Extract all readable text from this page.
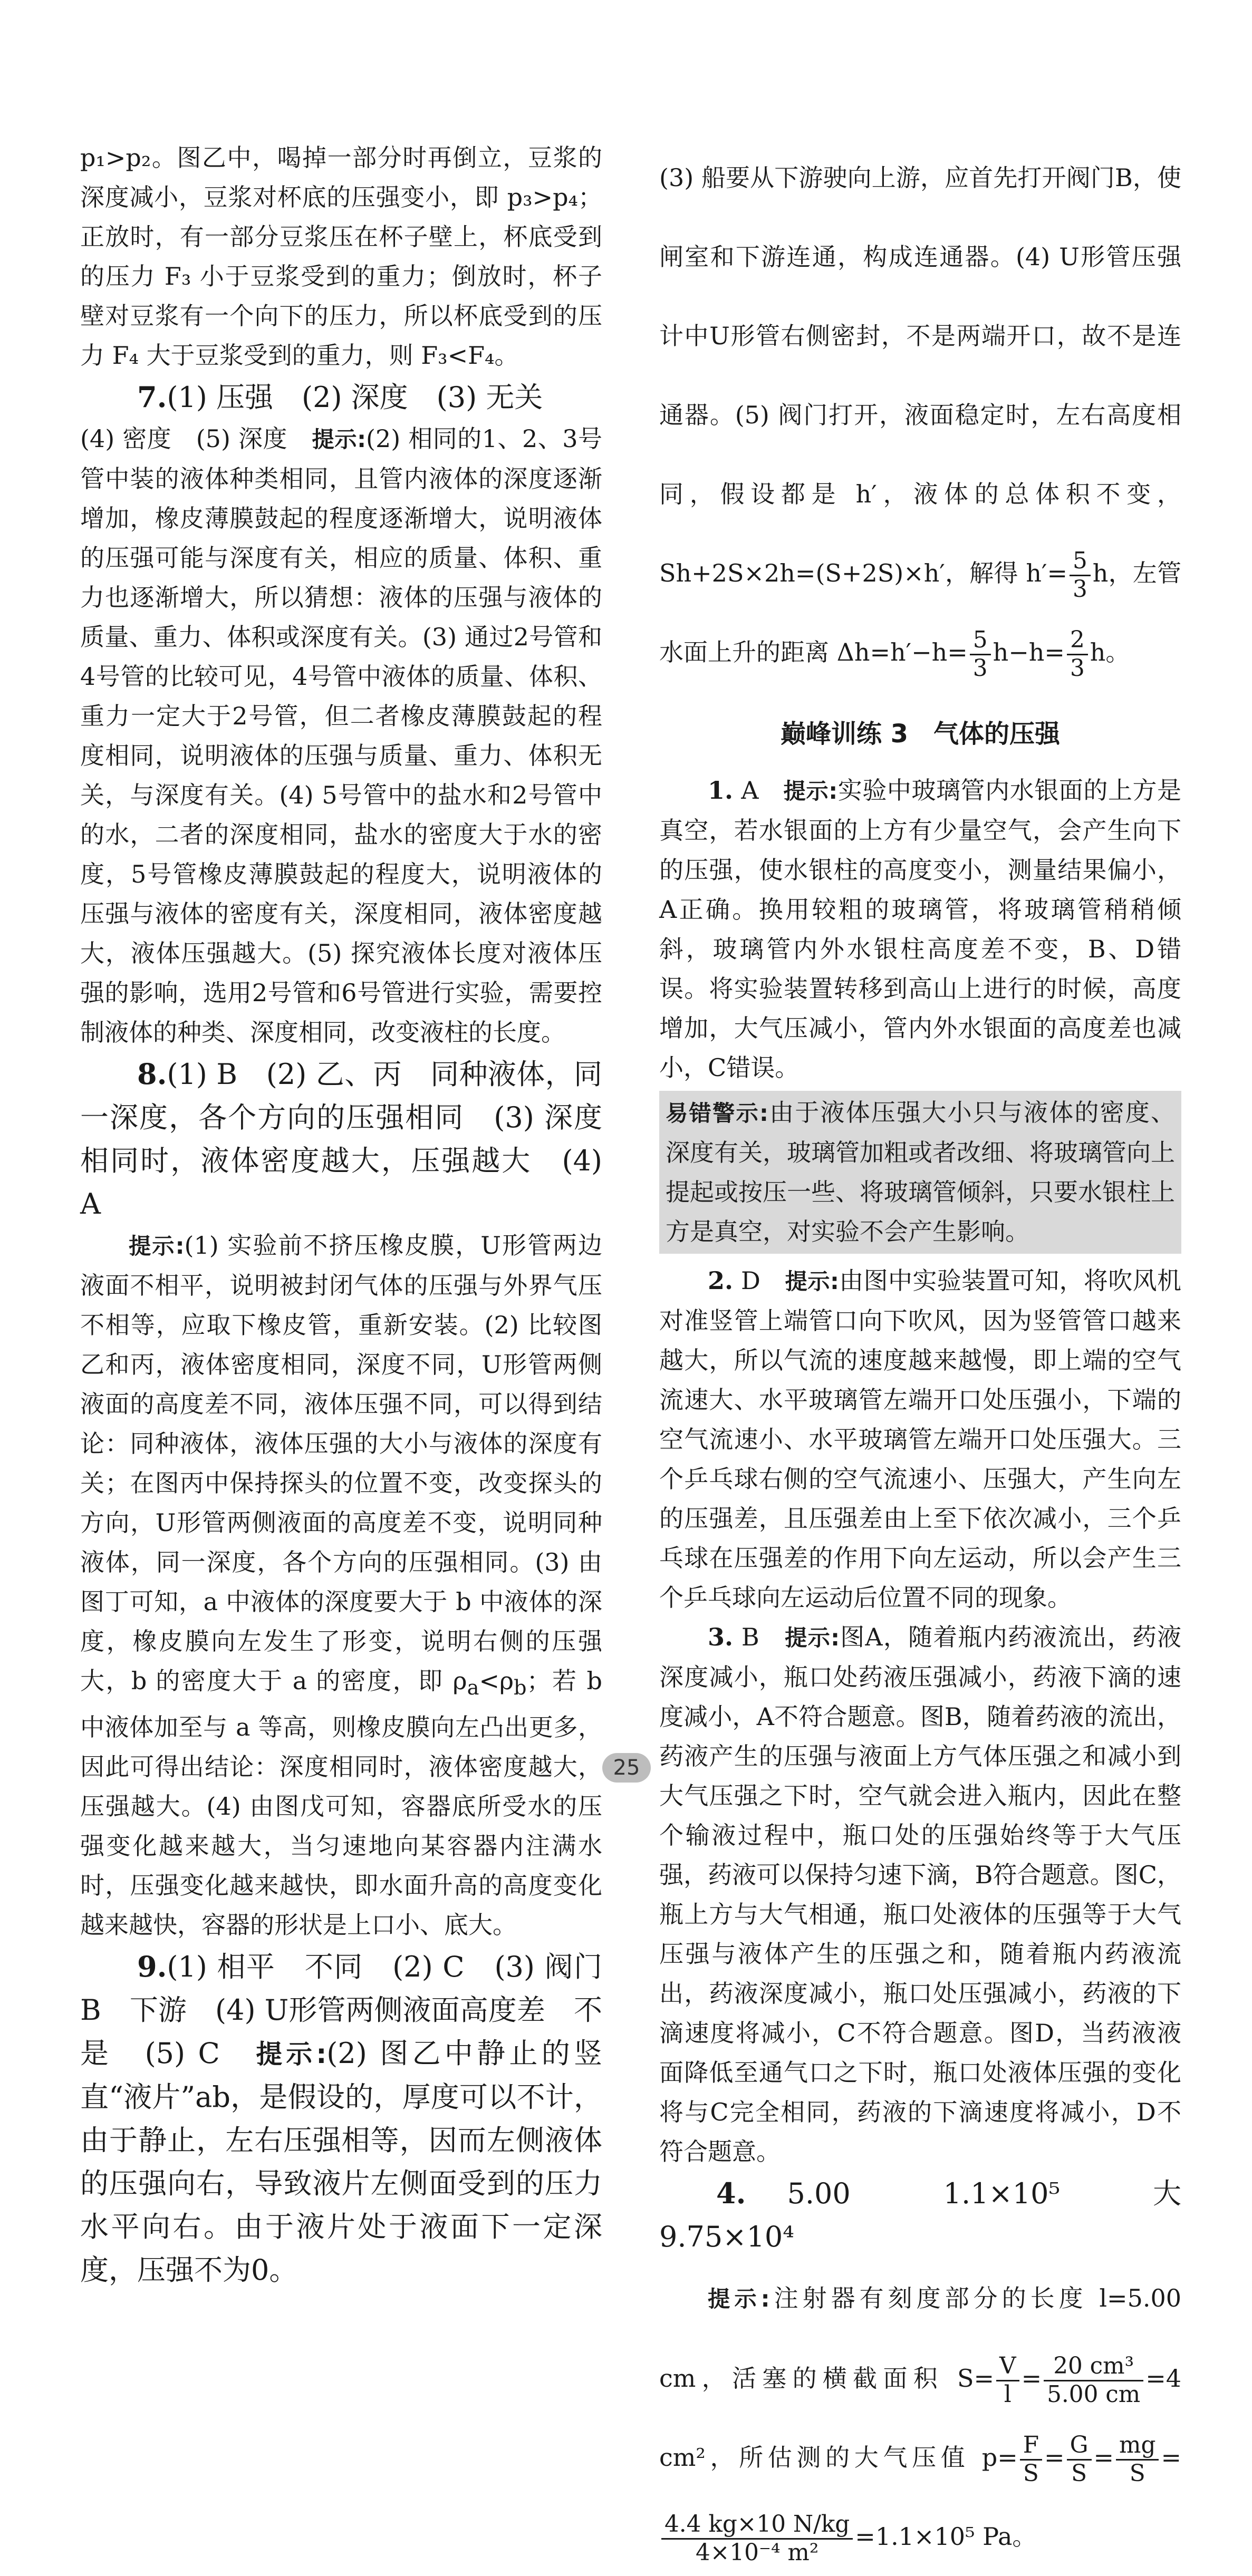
p₁>p₂。图乙中，喝掉一部分时再倒立，豆浆的深度减小，豆浆对杯底的压强变小，即 p₃>p₄；正放时，有一部分豆浆压在杯子壁上，杯底受到的压力 F₃ 小于豆浆受到的重力；倒放时，杯子壁对豆浆有一个向下的压力，所以杯底受到的压力 F₄ 大于豆浆受到的重力，则 F₃<F₄。

7.(1) 压强　(2) 深度　(3) 无关

(4) 密度　(5) 深度　提示:(2) 相同的1、2、3号管中装的液体种类相同，且管内液体的深度逐渐增加，橡皮薄膜鼓起的程度逐渐增大，说明液体的压强可能与深度有关，相应的质量、体积、重力也逐渐增大，所以猜想：液体的压强与液体的质量、重力、体积或深度有关。(3) 通过2号管和4号管的比较可见，4号管中液体的质量、体积、重力一定大于2号管，但二者橡皮薄膜鼓起的程度相同，说明液体的压强与质量、重力、体积无关，与深度有关。(4) 5号管中的盐水和2号管中的水，二者的深度相同，盐水的密度大于水的密度，5号管橡皮薄膜鼓起的程度大，说明液体的压强与液体的密度有关，深度相同，液体密度越大，液体压强越大。(5) 探究液体长度对液体压强的影响，选用2号管和6号管进行实验，需要控制液体的种类、深度相同，改变液柱的长度。

8.(1) B　(2) 乙、丙　同种液体，同一深度，各个方向的压强相同　(3) 深度相同时，液体密度越大，压强越大　(4) A

提示:(1) 实验前不挤压橡皮膜，U形管两边液面不相平，说明被封闭气体的压强与外界气压不相等，应取下橡皮管，重新安装。(2) 比较图乙和丙，液体密度相同，深度不同，U形管两侧液面的高度差不同，液体压强不同，可以得到结论：同种液体，液体压强的大小与液体的深度有关；在图丙中保持探头的位置不变，改变探头的方向，U形管两侧液面的高度差不变，说明同种液体，同一深度，各个方向的压强相同。(3) 由图丁可知，a 中液体的深度要大于 b 中液体的深度，橡皮膜向左发生了形变，说明右侧的压强大，b 的密度大于 a 的密度，即 $\rho_a<\rho_b$；若 b 中液体加至与 a 等高，则橡皮膜向左凸出更多，因此可得出结论：深度相同时，液体密度越大，压强越大。(4) 由图戊可知，容器底所受水的压强变化越来越大，当匀速地向某容器内注满水时，压强变化越来越快，即水面升高的高度变化越来越快，容器的形状是上口小、底大。

9.(1) 相平　不同　(2) C　(3) 阀门B　下游　(4) U形管两侧液面高度差　不是　(5) C　提示:(2) 图乙中静止的竖直“液片”ab，是假设的，厚度可以不计，由于静止，左右压强相等，因而左侧液体的压强向右，导致液片左侧面受到的压力水平向右。由于液片处于液面下一定深度，压强不为0。

(3) 船要从下游驶向上游，应首先打开阀门B，使闸室和下游连通，构成连通器。(4) U形管压强计中U形管右侧密封，不是两端开口，故不是连通器。(5) 阀门打开，液面稳定时，左右高度相同，假设都是 h′，液体的总体积不变，Sh+2S×2h=(S+2S)×h′，解得 $h'= \frac{5}{3}$ h，左管水面上升的距离 $\Delta h=h'-h= \frac{5}{3} h-h= \frac{2}{3}$ h。

巅峰训练 3　气体的压强

1. A　提示:实验中玻璃管内水银面的上方是真空，若水银面的上方有少量空气，会产生向下的压强，使水银柱的高度变小，测量结果偏小，A正确。换用较粗的玻璃管，将玻璃管稍稍倾斜，玻璃管内外水银柱高度差不变，B、D错误。将实验装置转移到高山上进行的时候，高度增加，大气压减小，管内外水银面的高度差也减小，C错误。

易错警示:由于液体压强大小只与液体的密度、深度有关，玻璃管加粗或者改细、将玻璃管向上提起或按压一些、将玻璃管倾斜，只要水银柱上方是真空，对实验不会产生影响。

2. D　提示:由图中实验装置可知，将吹风机对准竖管上端管口向下吹风，因为竖管管口越来越大，所以气流的速度越来越慢，即上端的空气流速大、水平玻璃管左端开口处压强小，下端的空气流速小、水平玻璃管左端开口处压强大。三个乒乓球右侧的空气流速小、压强大，产生向左的压强差，且压强差由上至下依次减小，三个乒乓球在压强差的作用下向左运动，所以会产生三个乒乓球向左运动后位置不同的现象。

3. B　提示:图A，随着瓶内药液流出，药液深度减小，瓶口处药液压强减小，药液下滴的速度减小，A不符合题意。图B，随着药液的流出，药液产生的压强与液面上方气体压强之和减小到大气压强之下时，空气就会进入瓶内，因此在整个输液过程中，瓶口处的压强始终等于大气压强，药液可以保持匀速下滴，B符合题意。图C，瓶上方与大气相通，瓶口处液体的压强等于大气压强与液体产生的压强之和，随着瓶内药液流出，药液深度减小，瓶口处压强减小，药液的下滴速度将减小，C不符合题意。图D，当药液液面降低至通气口之下时，瓶口处液体压强的变化将与C完全相同，药液的下滴速度将减小，D不符合题意。

4. 5.00　1.1×10⁵　大　9.75×10⁴

提示:注射器有刻度部分的长度 l=5.00 cm，活塞的横截面积 $S= \frac{V}{l} = \frac{\text{20 cm³}}{5.00 cm} =4$ cm²，所估测的大气压值 $p= \frac{F}{S} = \frac{G}{S} = \frac{mg}{S}$ =
$\frac{4.4 kg\times 10 N/kg}{\text{4×10⁻⁴ m²}} =1.1\times 10^5$ Pa。

25
